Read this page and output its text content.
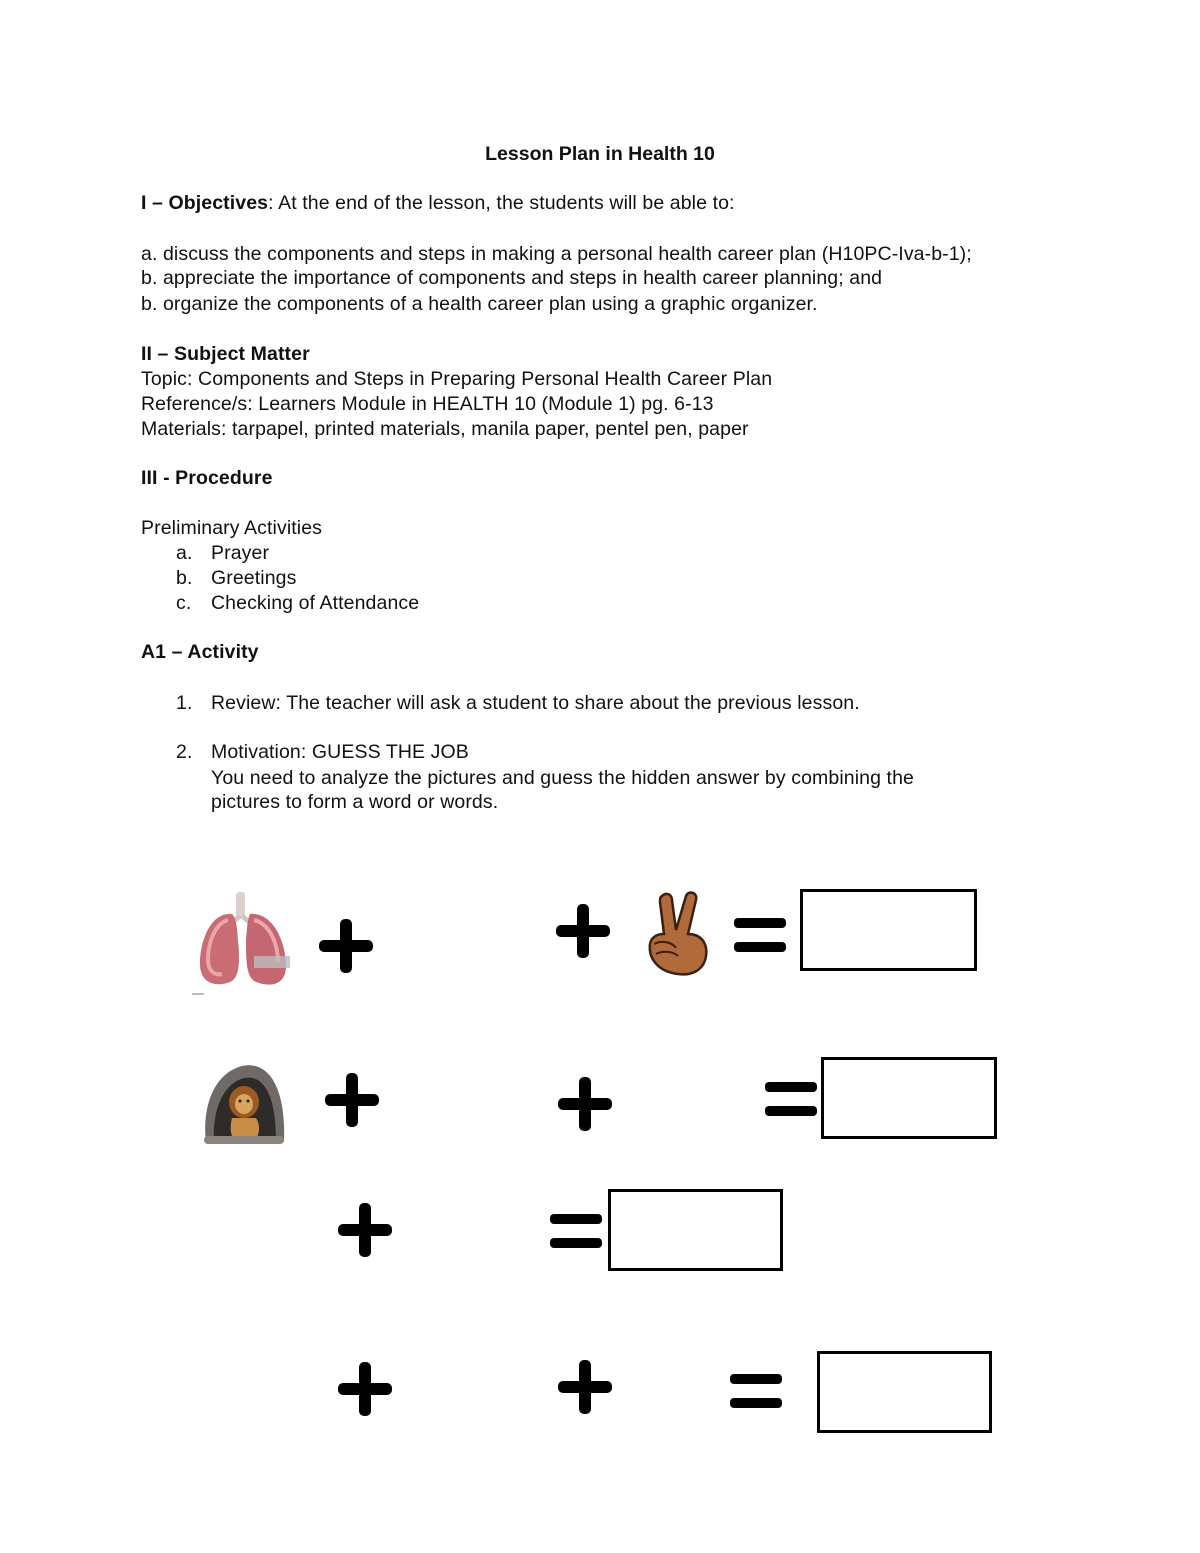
Lesson Plan in Health 10
I – Objectives: At the end of the lesson, the students will be able to:
a. discuss the components and steps in making a personal health career plan (H10PC-Iva-b-1);
b. appreciate the importance of components and steps in health career planning; and
b. organize the components of a health career plan using a graphic organizer.
II – Subject Matter
Topic: Components and Steps in Preparing Personal Health Career Plan
Reference/s: Learners Module in HEALTH 10 (Module 1) pg. 6-13
Materials: tarpapel, printed materials, manila paper, pentel pen, paper
III - Procedure
Preliminary Activities
a. Prayer
b. Greetings
c. Checking of Attendance
A1 – Activity
1. Review: The teacher will ask a student to share about the previous lesson.
2. Motivation: GUESS THE JOB
You need to analyze the pictures and guess the hidden answer by combining the
pictures to form a word or words.
